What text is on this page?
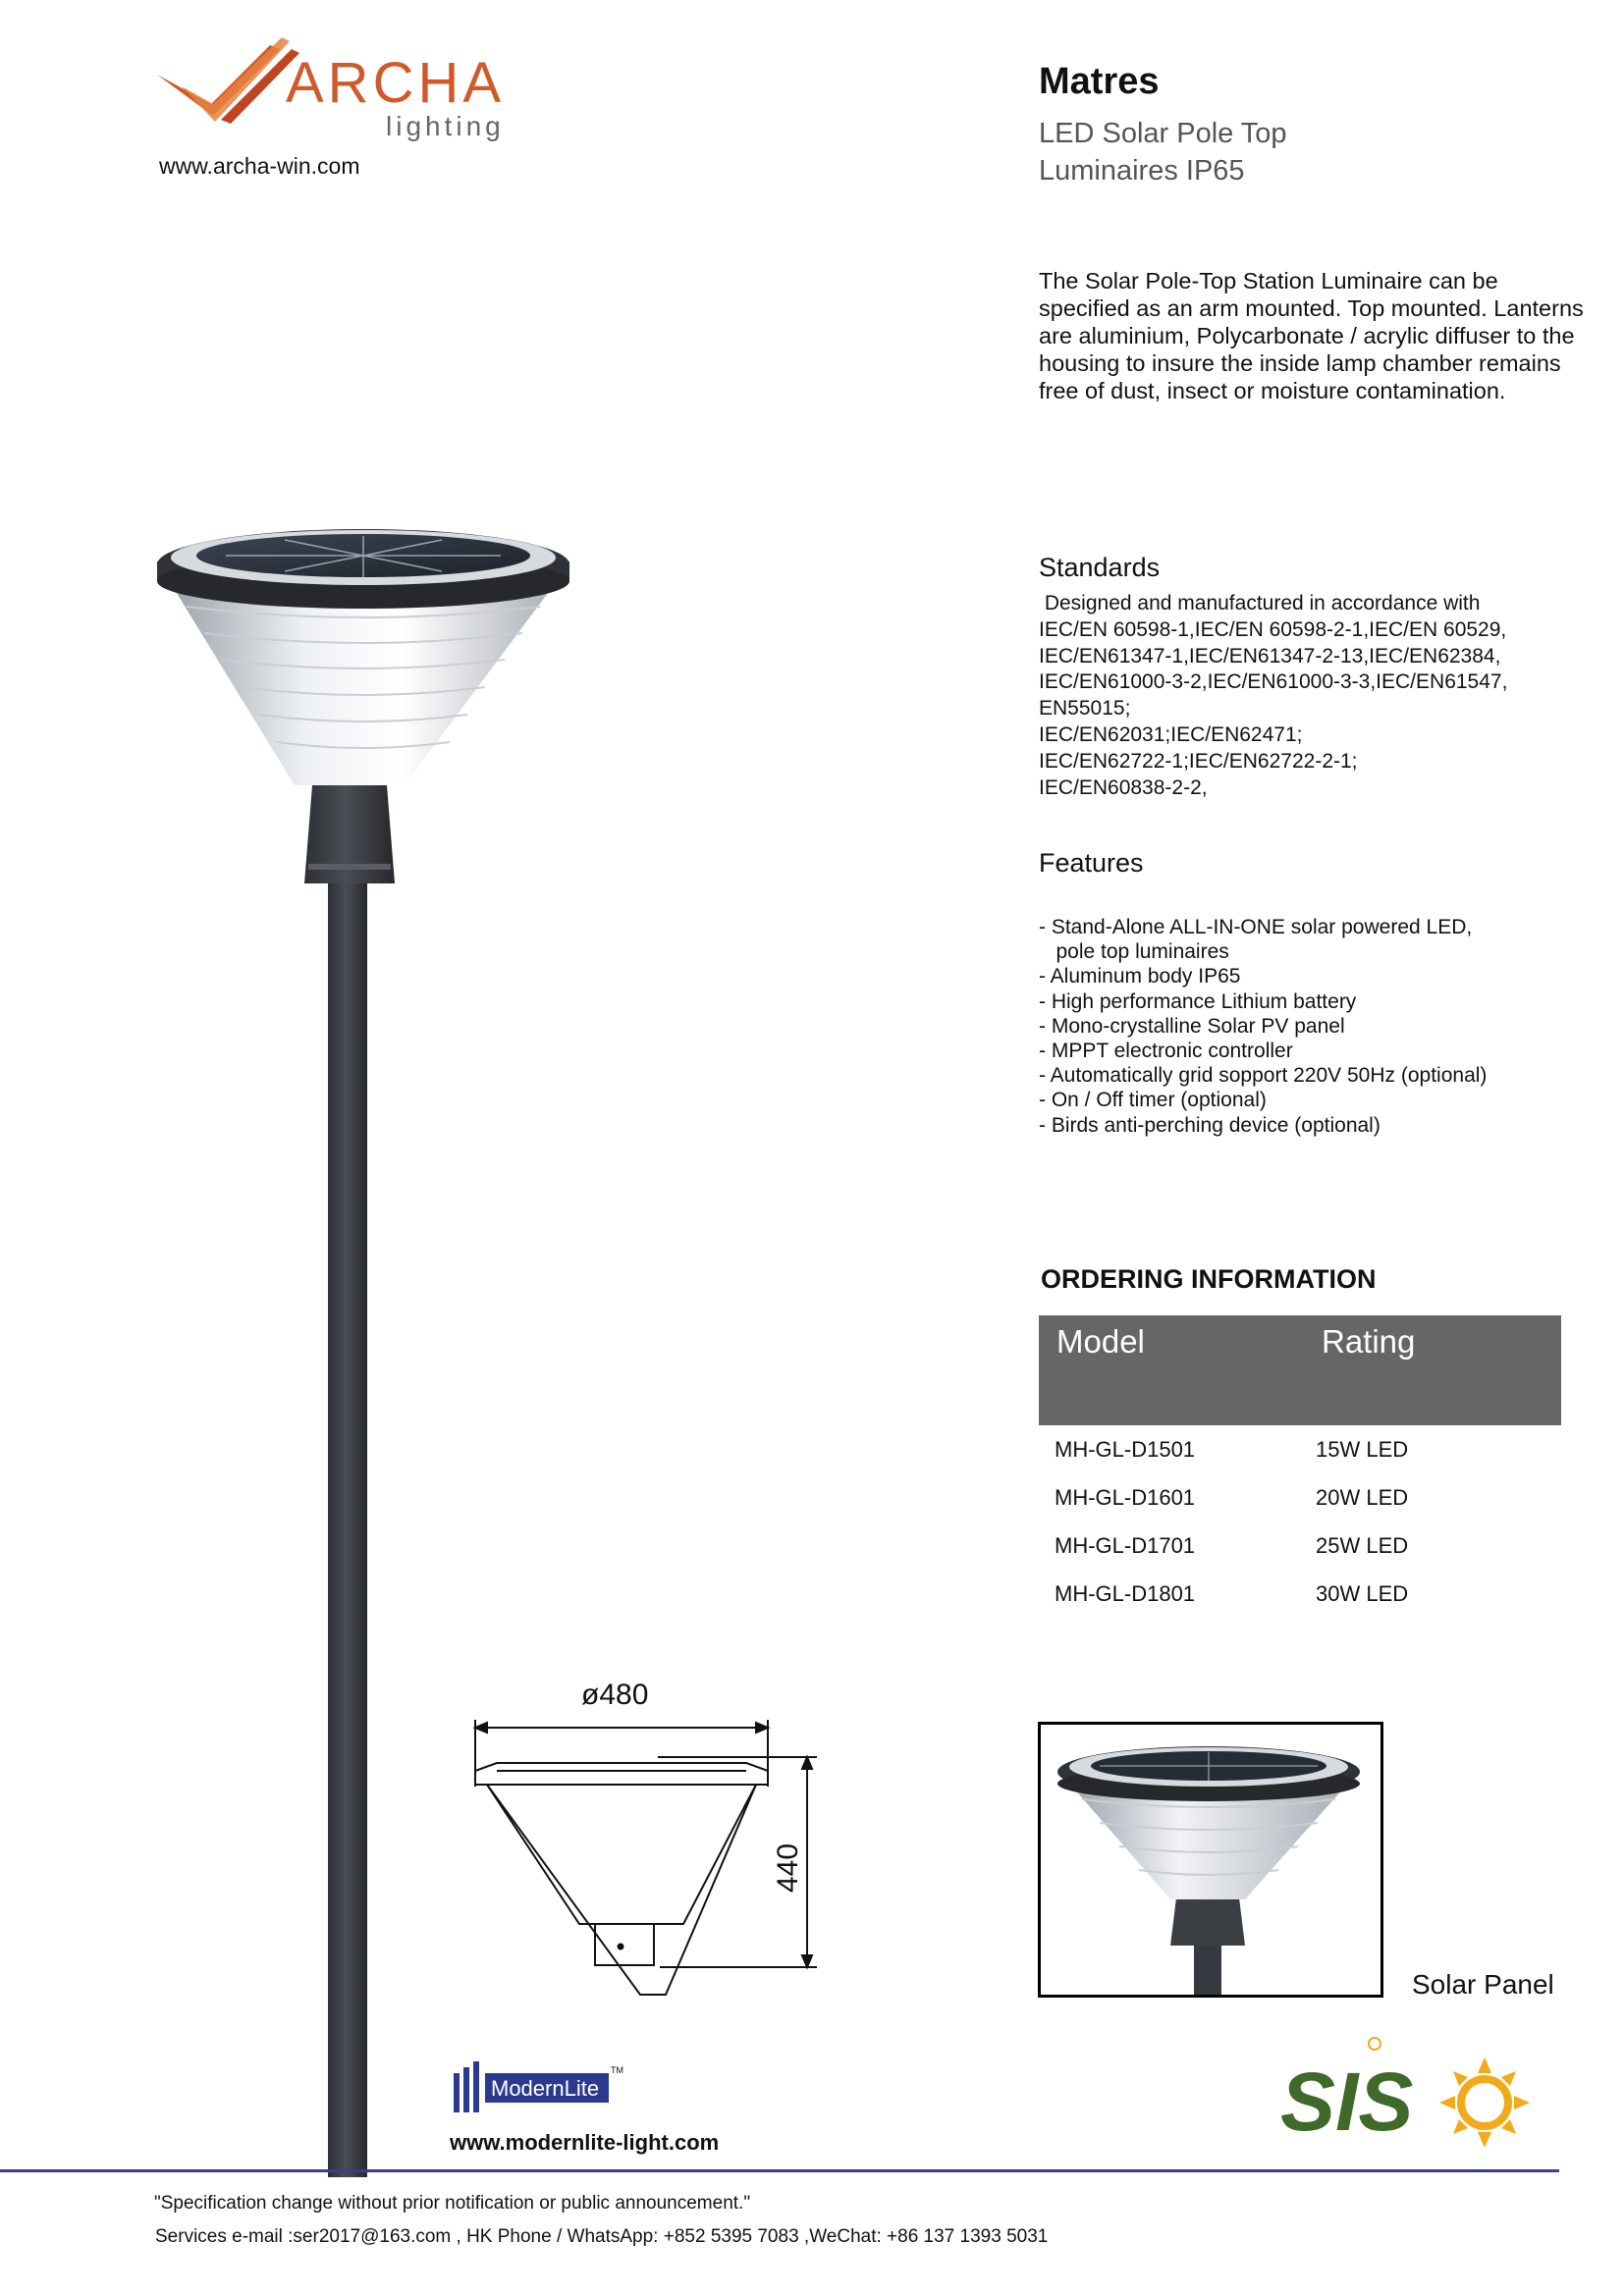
ARCHA
lighting
www.archa-win.com
Matres
LED Solar Pole Top
Luminaires IP65
The Solar Pole-Top Station Luminaire can be specified as an arm mounted. Top mounted. Lanterns are aluminium, Polycarbonate / acrylic diffuser to the housing to insure the inside lamp chamber remains free of dust, insect or moisture contamination.
Standards
Designed and manufactured in accordance with
IEC/EN 60598-1,IEC/EN 60598-2-1,IEC/EN 60529,
IEC/EN61347-1,IEC/EN61347-2-13,IEC/EN62384,
IEC/EN61000-3-2,IEC/EN61000-3-3,IEC/EN61547,
EN55015;
IEC/EN62031;IEC/EN62471;
IEC/EN62722-1;IEC/EN62722-2-1;
IEC/EN60838-2-2,
Features
- Stand-Alone ALL-IN-ONE solar powered LED,
pole top luminaires
- Aluminum body IP65
- High performance Lithium battery
- Mono-crystalline Solar PV panel
- MPPT electronic controller
- Automatically grid sopport 220V 50Hz (optional)
- On / Off timer (optional)
- Birds anti-perching device (optional)
ORDERING INFORMATION
Model	Rating
MH-GL-D1501	15W LED
MH-GL-D1601	20W LED
MH-GL-D1701	25W LED
MH-GL-D1801	30W LED
ø480
440
Solar Panel
ModernLite
TM
www.modernlite-light.com	SIS
"Specification change without prior notification or public announcement."
Services e-mail :ser2017@163.com , HK Phone / WhatsApp: +852 5395 7083 ,WeChat: +86 137 1393 5031
